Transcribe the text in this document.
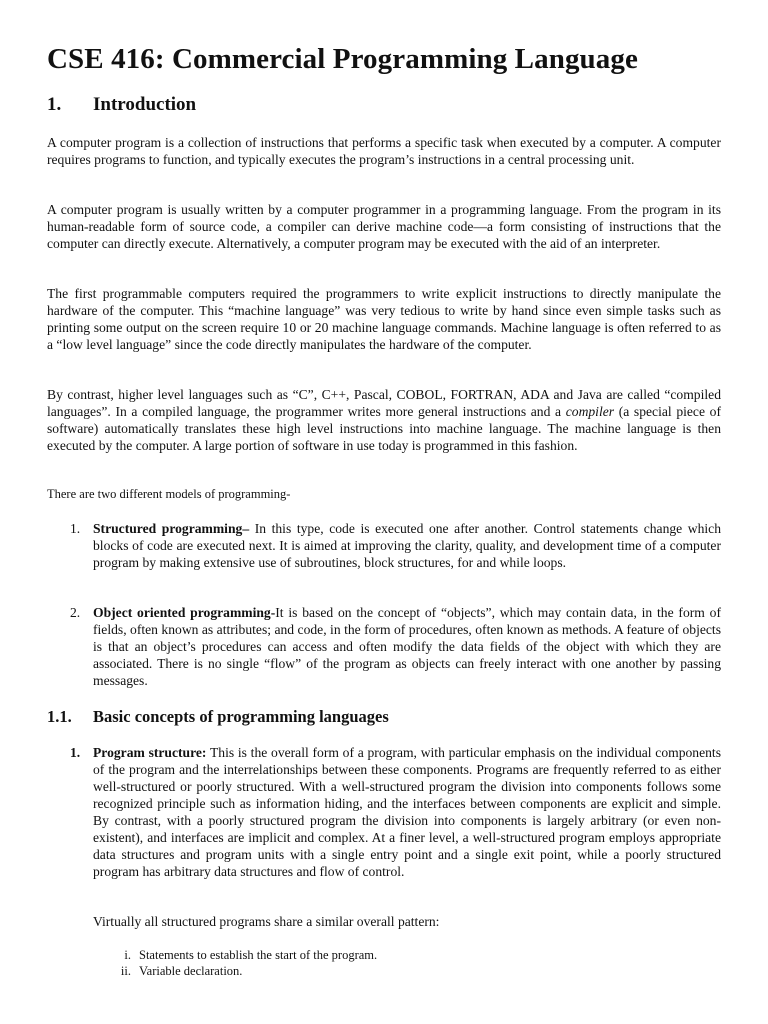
CSE 416: Commercial Programming Language
1. Introduction

A computer program is a collection of instructions that performs a specific task when executed by a computer. A computer requires programs to function, and typically executes the program’s instructions in a central processing unit.

A computer program is usually written by a computer programmer in a programming language. From the program in its human-readable form of source code, a compiler can derive machine code—a form consisting of instructions that the computer can directly execute. Alternatively, a computer program may be executed with the aid of an interpreter.

The first programmable computers required the programmers to write explicit instructions to directly manipulate the hardware of the computer. This “machine language” was very tedious to write by hand since even simple tasks such as printing some output on the screen require 10 or 20 machine language commands. Machine language is often referred to as a “low level language” since the code directly manipulates the hardware of the computer.

By contrast, higher level languages such as “C”, C++, Pascal, COBOL, FORTRAN, ADA and Java are called “compiled languages”. In a compiled language, the programmer writes more general instructions and a compiler (a special piece of software) automatically translates these high level instructions into machine language. The machine language is then executed by the computer. A large portion of software in use today is programmed in this fashion.

There are two different models of programming-

1. Structured programming– In this type, code is executed one after another. Control statements change which blocks of code are executed next. It is aimed at improving the clarity, quality, and development time of a computer program by making extensive use of subroutines, block structures, for and while loops.
2. Object oriented programming-It is based on the concept of “objects”, which may contain data, in the form of fields, often known as attributes; and code, in the form of procedures, often known as methods. A feature of objects is that an object’s procedures can access and often modify the data fields of the object with which they are associated. There is no single “flow” of the program as objects can freely interact with one another by passing messages.
1.1. Basic concepts of programming languages
1. Program structure: This is the overall form of a program, with particular emphasis on the individual components of the program and the interrelationships between these components. Programs are frequently referred to as either well-structured or poorly structured. With a well-structured program the division into components follows some recognized principle such as information hiding, and the interfaces between components are explicit and simple. By contrast, with a poorly structured program the division into components is largely arbitrary (or even non-existent), and interfaces are implicit and complex. At a finer level, a well-structured program employs appropriate data structures and program units with a single entry point and a single exit point, while a poorly structured program has arbitrary data structures and flow of control.

Virtually all structured programs share a similar overall pattern:

i. Statements to establish the start of the program.
ii. Variable declaration.
